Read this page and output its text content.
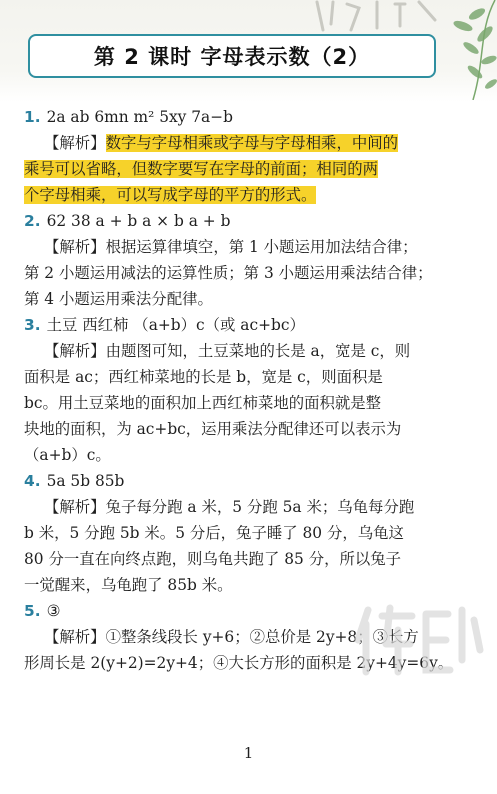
第 2 课时 字母表示数（2）
1. 2a ab 6mn m² 5xy 7a−b
【解析】数字与字母相乘或字母与字母相乘，中间的
乘号可以省略，但数字要写在字母的前面；相同的两
个字母相乘，可以写成字母的平方的形式。
2. 62 38 a + b a × b a + b
【解析】根据运算律填空，第 1 小题运用加法结合律；
第 2 小题运用减法的运算性质；第 3 小题运用乘法结合律；
第 4 小题运用乘法分配律。
3. 土豆 西红柿 （a+b）c（或 ac+bc）
【解析】由题图可知，土豆菜地的长是 a，宽是 c，则
面积是 ac；西红柿菜地的长是 b，宽是 c，则面积是
bc。用土豆菜地的面积加上西红柿菜地的面积就是整
块地的面积，为 ac+bc，运用乘法分配律还可以表示为
（a+b）c。
4. 5a 5b 85b
【解析】兔子每分跑 a 米，5 分跑 5a 米；乌龟每分跑
b 米，5 分跑 5b 米。5 分后，兔子睡了 80 分，乌龟这
80 分一直在向终点跑，则乌龟共跑了 85 分，所以兔子
一觉醒来，乌龟跑了 85b 米。
5. ③
【解析】①整条线段长 y+6；②总价是 2y+8；③长方
形周长是 2(y+2)=2y+4；④大长方形的面积是 2y+4y=6y。
1
